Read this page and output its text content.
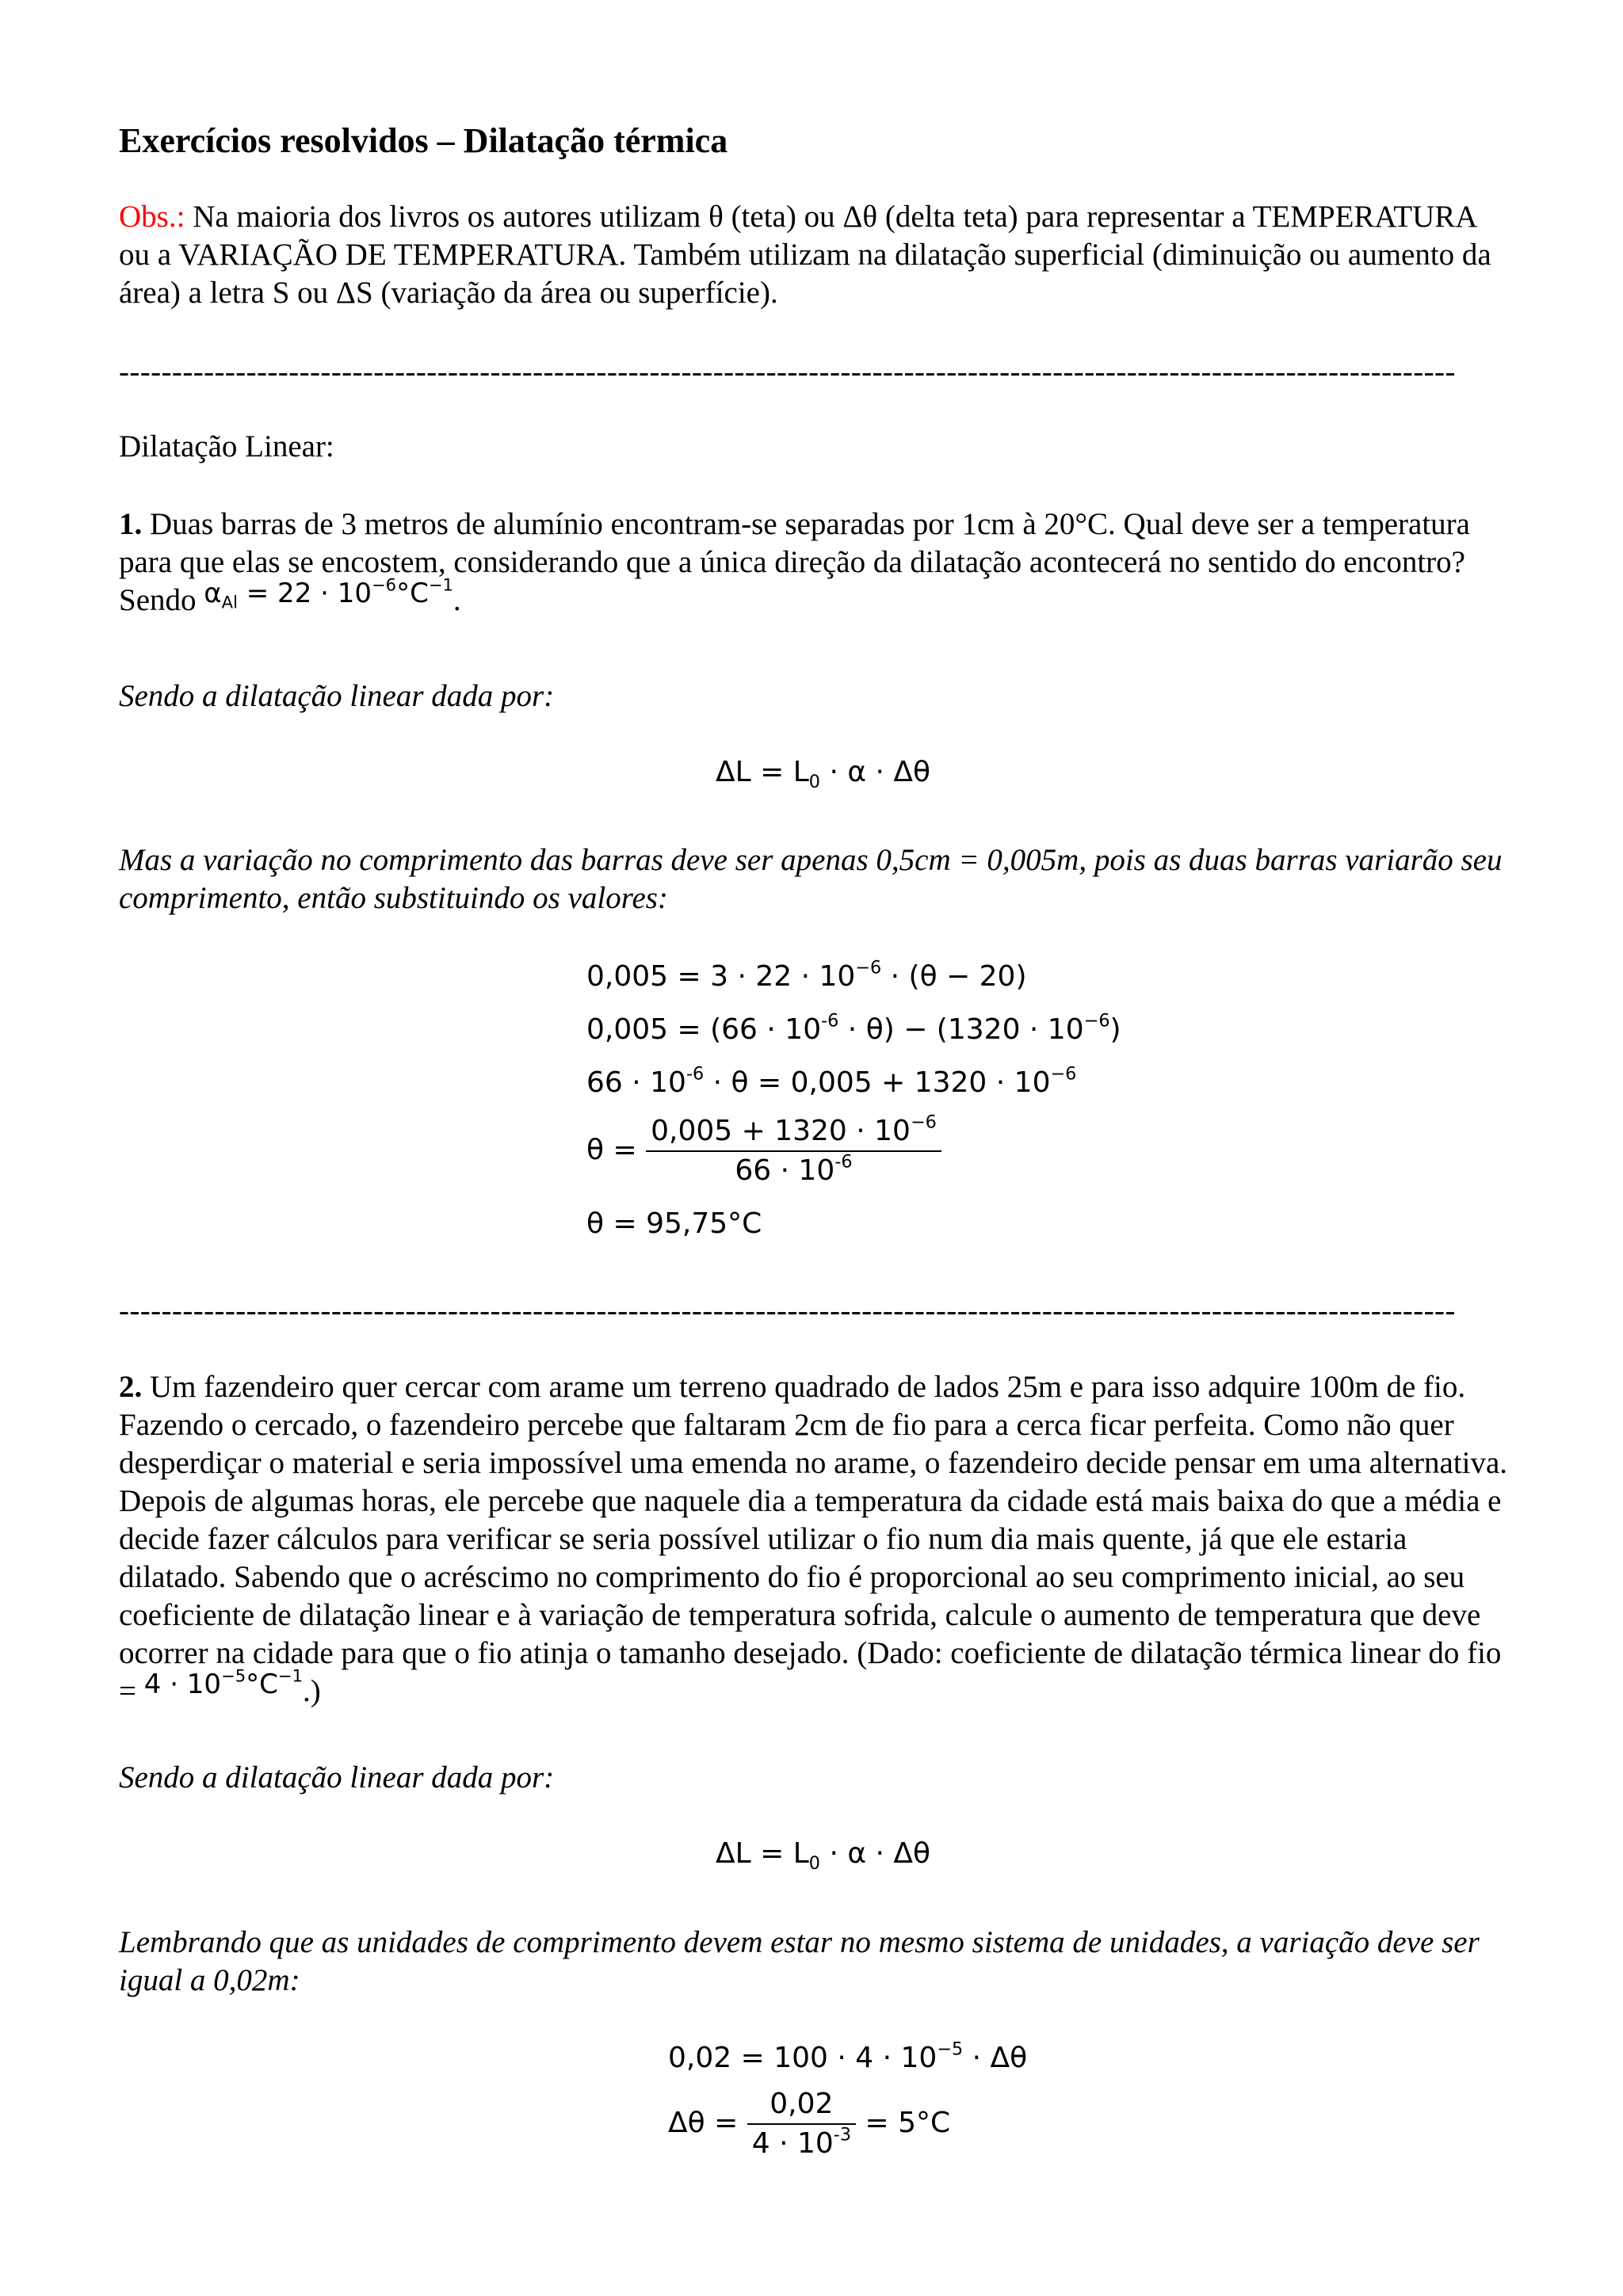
Exercícios resolvidos – Dilatação térmica

Obs.: Na maioria dos livros os autores utilizam θ (teta) ou Δθ (delta teta) para representar a TEMPERATURA ou a VARIAÇÃO DE TEMPERATURA. Também utilizam na dilatação superficial (diminuição ou aumento da área) a letra S ou ΔS (variação da área ou superfície).

------------------------------------------------------------------------------------------------------------------------------

Dilatação Linear:

1. Duas barras de 3 metros de alumínio encontram-se separadas por 1cm à 20°C. Qual deve ser a temperatura para que elas se encostem, considerando que a única direção da dilatação acontecerá no sentido do encontro? Sendo $\alpha_{Al} = 22 \cdot 10^{-6}^\circ C^{-1}$.

Sendo a dilatação linear dada por:

$\Delta L = L_0 \cdot \alpha \cdot \Delta\theta$

Mas a variação no comprimento das barras deve ser apenas 0,5cm = 0,005m, pois as duas barras variarão seu comprimento, então substituindo os valores:

$0,005 = 3 \cdot 22 \cdot 10^{-6} \cdot (\theta - 20)$
$0,005 = (66 \cdot 10^{-6} \cdot \theta) - (1320 \cdot 10^{-6})$
$66 \cdot 10^{-6} \cdot \theta = 0,005 + 1320 \cdot 10^{-6}$
$\theta = \frac{0,005 + 1320 \cdot 10^{-6}}{66 \cdot 10^{-6}}$
θ = 95,75°C
------------------------------------------------------------------------------------------------------------------------------

2. Um fazendeiro quer cercar com arame um terreno quadrado de lados 25m e para isso adquire 100m de fio. Fazendo o cercado, o fazendeiro percebe que faltaram 2cm de fio para a cerca ficar perfeita. Como não quer desperdiçar o material e seria impossível uma emenda no arame, o fazendeiro decide pensar em uma alternativa. Depois de algumas horas, ele percebe que naquele dia a temperatura da cidade está mais baixa do que a média e decide fazer cálculos para verificar se seria possível utilizar o fio num dia mais quente, já que ele estaria dilatado. Sabendo que o acréscimo no comprimento do fio é proporcional ao seu comprimento inicial, ao seu coeficiente de dilatação linear e à variação de temperatura sofrida, calcule o aumento de temperatura que deve ocorrer na cidade para que o fio atinja o tamanho desejado. (Dado: coeficiente de dilatação térmica linear do fio = $4 \cdot 10^{-5}^\circ C^{-1}$.)

Sendo a dilatação linear dada por:

$\Delta L = L_0 \cdot \alpha \cdot \Delta\theta$

Lembrando que as unidades de comprimento devem estar no mesmo sistema de unidades, a variação deve ser igual a 0,02m:

$0,02 = 100 \cdot 4 \cdot 10^{-5} \cdot \Delta\theta$
$\Delta\theta = \frac{0,02}{4 \cdot 10^{-3}} = 5^\circ C$
